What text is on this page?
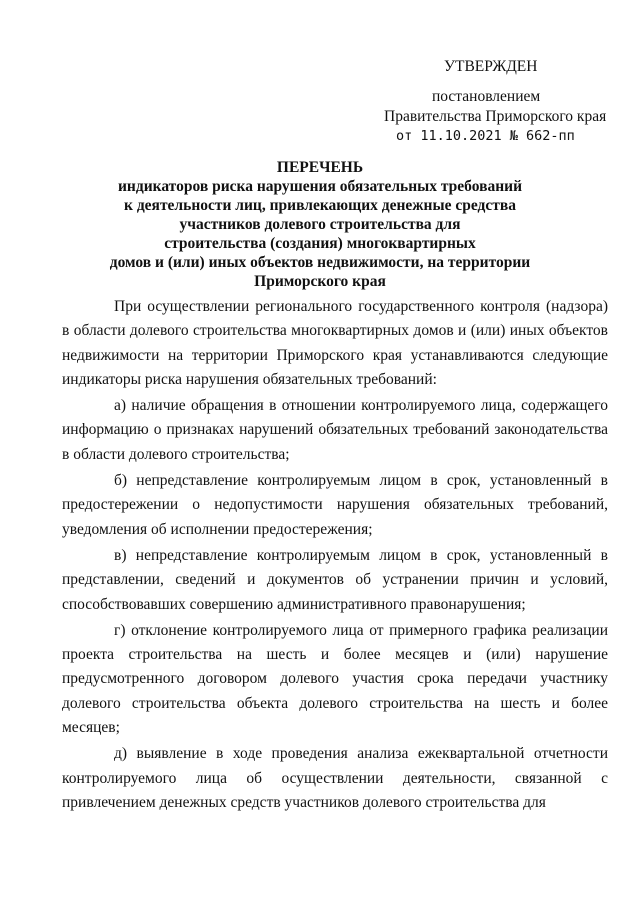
УТВЕРЖДЕН
постановлением
Правительства Приморского края
от 11.10.2021 № 662-пп
ПЕРЕЧЕНЬ
индикаторов риска нарушения обязательных требований
к деятельности лиц, привлекающих денежные средства
участников долевого строительства для
строительства (создания) многоквартирных
домов и (или) иных объектов недвижимости, на территории
Приморского края

При осуществлении регионального государственного контроля (надзора) в области долевого строительства многоквартирных домов и (или) иных объектов недвижимости на территории Приморского края устанавливаются следующие индикаторы риска нарушения обязательных требований:

а) наличие обращения в отношении контролируемого лица, содержащего информацию о признаках нарушений обязательных требований законодательства в области долевого строительства;

б) непредставление контролируемым лицом в срок, установленный в предостережении о недопустимости нарушения обязательных требований, уведомления об исполнении предостережения;

в) непредставление контролируемым лицом в срок, установленный в представлении, сведений и документов об устранении причин и условий, способствовавших совершению административного правонарушения;

г) отклонение контролируемого лица от примерного графика реализации проекта строительства на шесть и более месяцев и (или) нарушение предусмотренного договором долевого участия срока передачи участнику долевого строительства объекта долевого строительства на шесть и более месяцев;

д) выявление в ходе проведения анализа ежеквартальной отчетности контролируемого лица об осуществлении деятельности, связанной с привлечением денежных средств участников долевого строительства для
